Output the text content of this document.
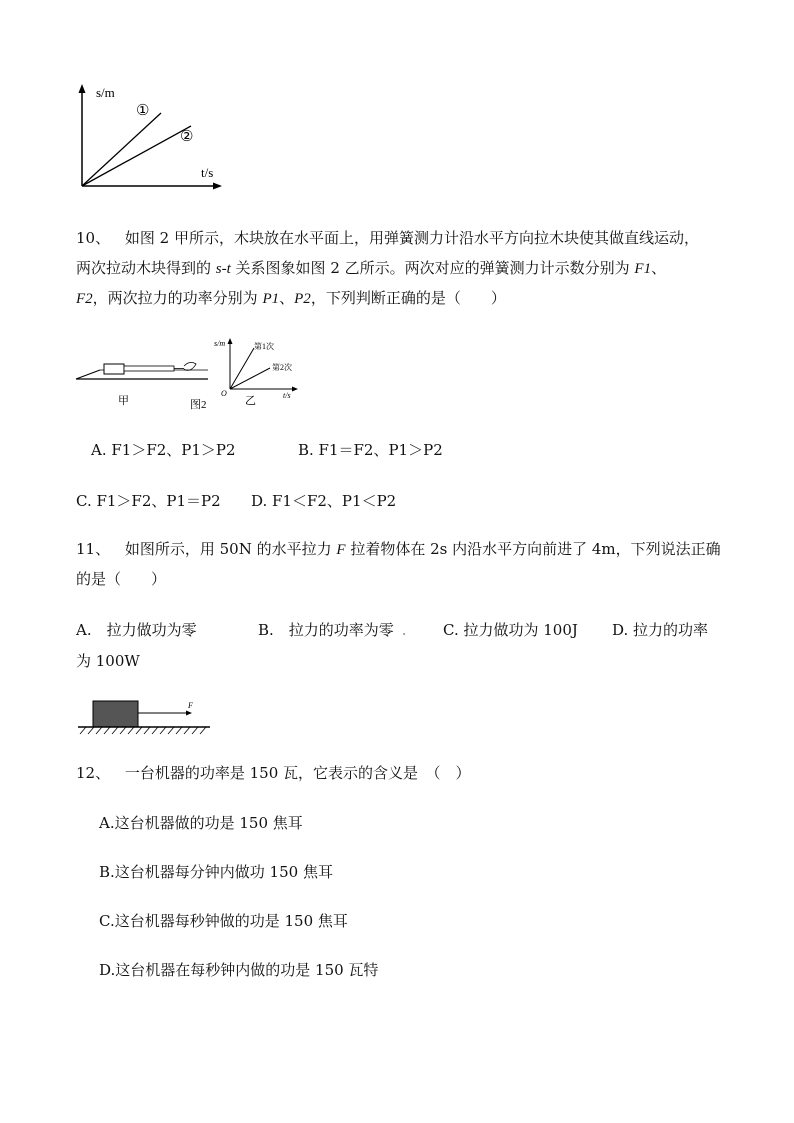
s/m
t/s
①
②
10、 如图 2 甲所示，木块放在水平面上，用弹簧测力计沿水平方向拉木块使其做直线运动，
两次拉动木块得到的 s-t 关系图象如图 2 乙所示。两次对应的弹簧测力计示数分别为 F1、
F2，两次拉力的功率分别为 P1、P2，下列判断正确的是（　　）
甲	图2
s/m
t/s
O
第1次
第2次
乙
A. F1＞F2、P1＞P2	B. F1＝F2、P1＞P2
C. F1＞F2、P1＝P2 D. F1＜F2、P1＜P2
11、 如图所示，用 50N 的水平拉力 F 拉着物体在 2s 内沿水平方向前进了 4m，下列说法正确
的是（　　）
A.　拉力做功为零	B.　拉力的功率为零 . C. 拉力做功为 100J D. 拉力的功率
为 100W
F
12、 一台机器的功率是 150 瓦，它表示的含义是　（　）
A.这台机器做的功是 150 焦耳
B.这台机器每分钟内做功 150 焦耳
C.这台机器每秒钟做的功是 150 焦耳
D.这台机器在每秒钟内做的功是 150 瓦特
